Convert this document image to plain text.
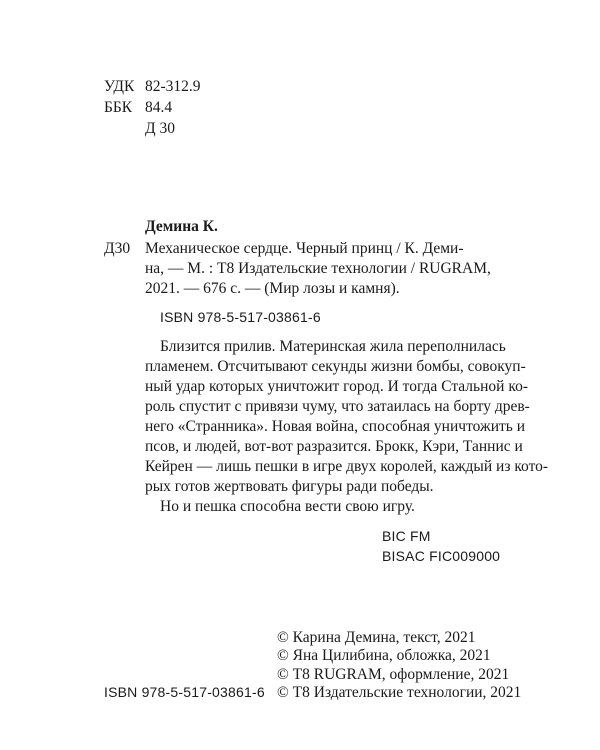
УДК 82-312.9
ББК 84.4
Д 30
Демина К.
Д30 Механическое сердце. Черный принц / К. Деми-
на, — М. : Т8 Издательские технологии / RUGRAM,
2021. — 676 с. — (Мир лозы и камня).
ISBN 978-5-517-03861-6
Близится прилив. Материнская жила переполнилась
пламенем. Отсчитывают секунды жизни бомбы, совокуп-
ный удар которых уничтожит город. И тогда Стальной ко-
роль спустит с привязи чуму, что затаилась на борту древ-
него «Странника». Новая война, способная уничтожить и
псов, и людей, вот-вот разразится. Брокк, Кэри, Таннис и
Кейрен — лишь пешки в игре двух королей, каждый из кото-
рых готов жертвовать фигуры ради победы.
Но и пешка способна вести свою игру.
BIC FM
BISAC FIC009000
ISBN 978-5-517-03861-6
© Карина Демина, текст, 2021
© Яна Цилибина, обложка, 2021
© Т8 RUGRAM, оформление, 2021
© Т8 Издательские технологии, 2021
